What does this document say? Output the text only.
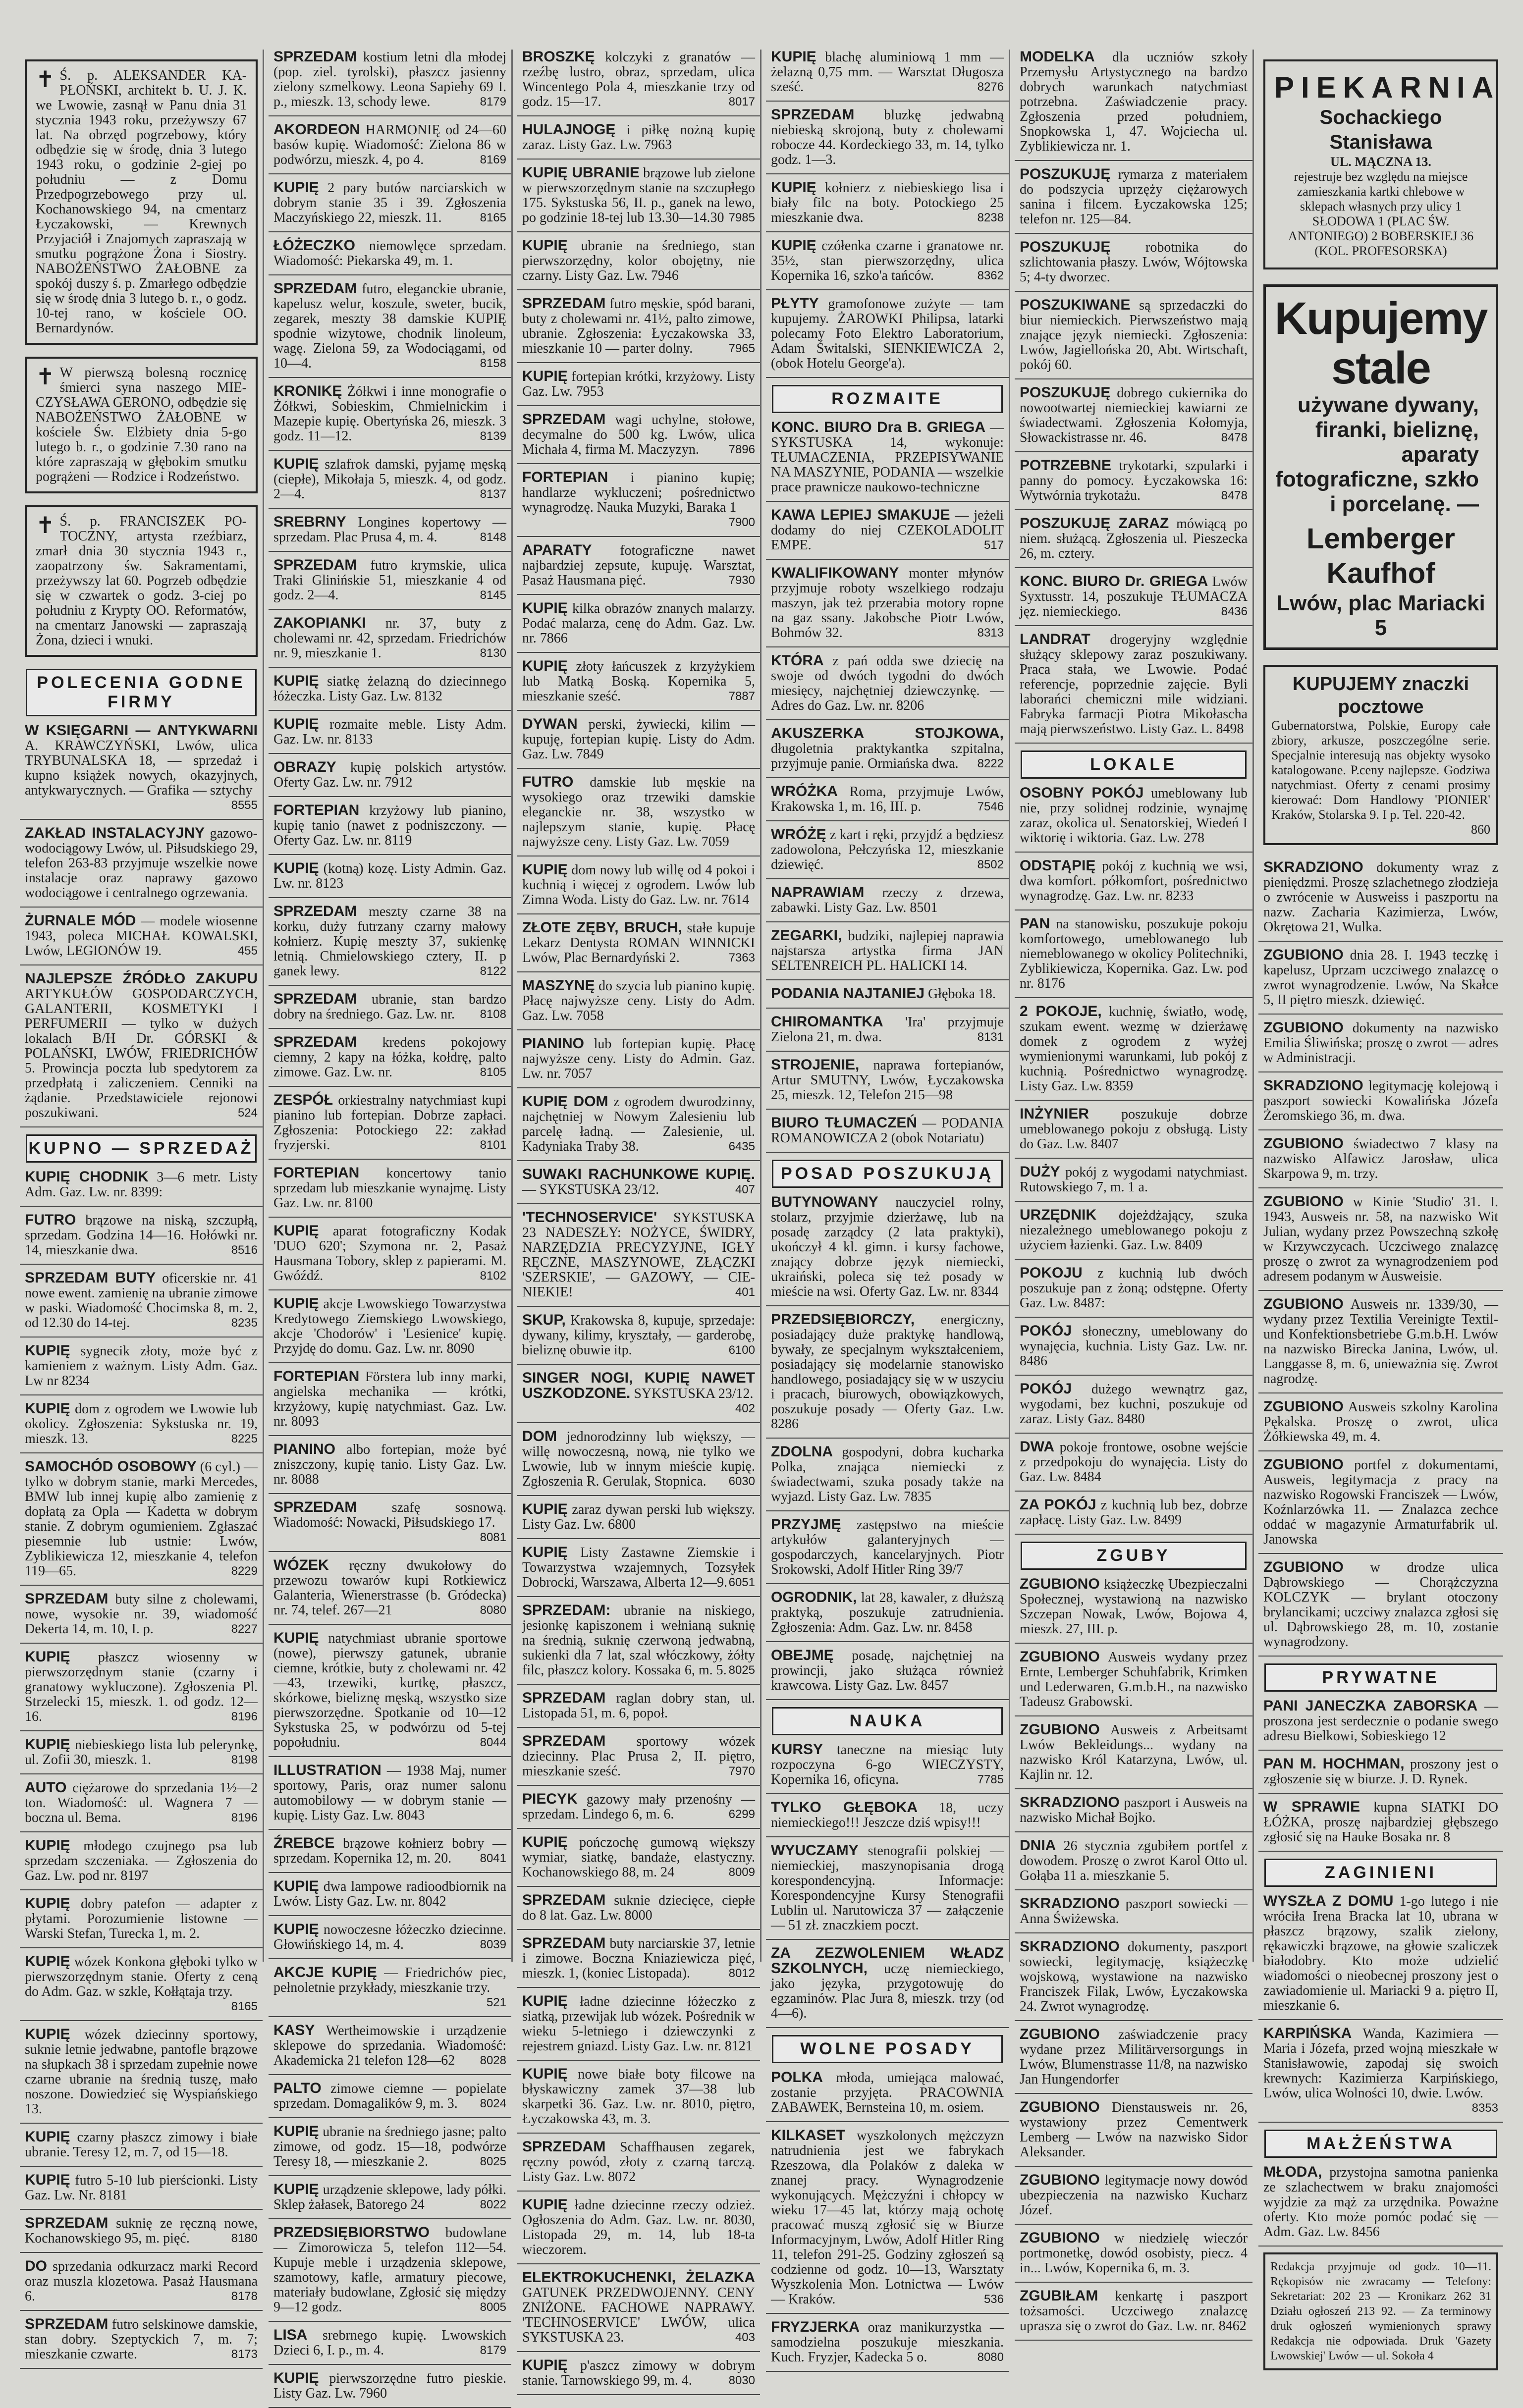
✝ Ś. p. ALEKSANDER KA-PŁOŃSKI, architekt b. U. J. K. we Lwowie, zasnął w Panu dnia 31 stycznia 1943 roku, przeżywszy 67 lat. Na obrzęd pogrzebowy, który odbędzie się w środę, dnia 3 lutego 1943 roku, o godzinie 2-giej po południu — z Domu Przedpogrzebowego przy ul. Kochanowskiego 94, na cmentarz Łyczakowski, — Krewnych Przyjaciół i Znajomych zapraszają w smutku pogrążone Żona i Siostry. NABOŻEŃSTWO ŻAŁOBNE za spokój duszy ś. p. Zmarłego odbędzie się w środę dnia 3 lutego b. r., o godz. 10-tej rano, w kościele OO. Bernardynów.
✝ W pierwszą bolesną rocznicę śmierci syna naszego MIE-CZYSŁAWA GERONO, odbędzie się NABOŻEŃSTWO ŻAŁOBNE w kościele Św. Elżbiety dnia 5-go lutego b. r., o godzinie 7.30 rano na które zapraszają w głębokim smutku pogrążeni — Rodzice i Rodzeństwo.
✝ Ś. p. FRANCISZEK PO-TOCZNY, artysta rzeźbiarz, zmarł dnia 30 stycznia 1943 r., zaopatrzony św. Sakramentami, przeżywszy lat 60. Pogrzeb odbędzie się w czwartek o godz. 3-ciej po południu z Krypty OO. Reformatów, na cmentarz Janowski — zapraszają Żona, dzieci i wnuki.
POLECENIA GODNE FIRMY
W KSIĘGARNI — ANTYKWARNI A. KRAWCZYŃSKI, Lwów, ulica TRYBUNALSKA 18, — sprzedaż i kupno książek nowych, okazyjnych, antykwarycznych. — Grafika — sztychy
8555
ZAKŁAD INSTALACYJNY gazowo-wodociągowy Lwów, ul. Piłsudskiego 29, telefon 263-83 przyjmuje wszelkie nowe instalacje oraz naprawy gazowo wodociągowe i centralnego ogrzewania.
ŻURNALE MÓD — modele wiosenne 1943, poleca MICHAŁ KOWALSKI, Lwów, LEGIONÓW 19.	455
NAJLEPSZE ŹRÓDŁO ZAKUPU ARTYKUŁÓW GOSPODARCZYCH, GALANTERII, KOSMETYKI I PERFUMERII — tylko w dużych lokalach B/H Dr. GÓRSKI & POLAŃSKI, LWÓW, FRIEDRICHÓW 5. Prowincja poczta lub spedytorem za przedpłatą i zaliczeniem. Cenniki na żądanie. Przedstawiciele rejonowi poszukiwani.	524
KUPNO — SPRZEDAŻ
KUPIĘ CHODNIK 3—6 metr. Listy Adm. Gaz. Lw. nr. 8399:
FUTRO brązowe na niską, szczupłą, sprzedam. Godzina 14—16. Hołówki nr. 14, mieszkanie dwa.	8516
SPRZEDAM BUTY oficerskie nr. 41 nowe ewent. zamienię na ubranie zimowe w paski. Wiadomość Chocimska 8, m. 2, od 12.30 do 14-tej.	8235
KUPIĘ sygnecik złoty, może być z kamieniem z ważnym. Listy Adm. Gaz. Lw nr 8234
KUPIĘ dom z ogrodem we Lwowie lub okolicy. Zgłoszenia: Sykstuska nr. 19, mieszk. 13.	8225
SAMOCHÓD OSOBOWY (6 cyl.) — tylko w dobrym stanie, marki Mercedes, BMW lub innej kupię albo zamienię z dopłatą za Opla — Kadetta w dobrym stanie. Z dobrym ogumieniem. Zgłaszać piesemnie lub ustnie: Lwów, Zyblikiewicza 12, mieszkanie 4, telefon 119—65.	8229
SPRZEDAM buty silne z cholewami, nowe, wysokie nr. 39, wiadomość Dekerta 14, m. 10, I. p.	8227
KUPIĘ płaszcz wiosenny w pierwszorzędnym stanie (czarny i granatowy wykluczone). Zgłoszenia Pl. Strzelecki 15, mieszk. 1. od godz. 12—16.	8196
KUPIĘ niebieskiego lista lub pelerynkę, ul. Zofii 30, mieszk. 1.	8198
AUTO ciężarowe do sprzedania 1½—2 ton. Wiadomość: ul. Wagnera 7 — boczna ul. Bema.	8196
KUPIĘ młodego czujnego psa lub sprzedam szczeniaka. — Zgłoszenia do Gaz. Lw. pod nr. 8197
KUPIĘ dobry patefon — adapter z płytami. Porozumienie listowne — Warski Stefan, Turecka 1, m. 2.
KUPIĘ wózek Konkona głęboki tylko w pierwszorzędnym stanie. Oferty z ceną do Adm. Gaz. w szkle, Kołłątaja trzy.
8165
KUPIĘ wózek dziecinny sportowy, suknie letnie jedwabne, pantofle brązowe na słupkach 38 i sprzedam zupełnie nowe czarne ubranie na średnią tuszę, mało noszone. Dowiedzieć się Wyspiańskiego 13.
KUPIĘ czarny płaszcz zimowy i białe ubranie. Teresy 12, m. 7, od 15—18.
KUPIĘ futro 5-10 lub pierścionki. Listy Gaz. Lw. Nr. 8181
SPRZEDAM suknię ze ręczną nowe, Kochanowskiego 95, m. pięć.	8180
DO sprzedania odkurzacz marki Record oraz muszla klozetowa. Pasaż Hausmana 6.	8178
SPRZEDAM futro selskinowe damskie, stan dobry. Szeptyckich 7, m. 7; mieszkanie czwarte.	8173
SPRZEDAM kostium letni dla młodej (pop. ziel. tyrolski), płaszcz jasienny zielony szmelkowy. Leona Sapiehy 69 I. p., mieszk. 13, schody lewe.	8179
AKORDEON HARMONIĘ od 24—60 basów kupię. Wiadomość: Zielona 86 w podwórzu, mieszk. 4, po 4.	8169
KUPIĘ 2 pary butów narciarskich w dobrym stanie 35 i 39. Zgłoszenia Maczyńskiego 22, mieszk. 11.	8165
ŁÓŻECZKO niemowlęce sprzedam. Wiadomość: Piekarska 49, m. 1.
SPRZEDAM futro, eleganckie ubranie, kapelusz welur, koszule, sweter, bucik, zegarek, meszty 38 damskie KUPIĘ spodnie wizytowe, chodnik linoleum, wagę. Zielona 59, za Wodociągami, od 10—4.	8158
KRONIKĘ Żółkwi i inne monografie o Żółkwi, Sobieskim, Chmielnickim i Mazepie kupię. Obertyńska 26, mieszk. 3 godz. 11—12.	8139
KUPIĘ szlafrok damski, pyjamę męską (ciepłe), Mikołaja 5, mieszk. 4, od godz. 2—4.	8137
SREBRNY Longines kopertowy — sprzedam. Plac Prusa 4, m. 4.	8148
SPRZEDAM futro krymskie, ulica Traki Glinińskie 51, mieszkanie 4 od godz. 2—4.	8145
ZAKOPIANKI nr. 37, buty z cholewami nr. 42, sprzedam. Friedrichów nr. 9, mieszkanie 1.	8130
KUPIĘ siatkę żelazną do dziecinnego łóżeczka. Listy Gaz. Lw. 8132
KUPIĘ rozmaite meble. Listy Adm. Gaz. Lw. nr. 8133
OBRAZY kupię polskich artystów. Oferty Gaz. Lw. nr. 7912
FORTEPIAN krzyżowy lub pianino, kupię tanio (nawet z podniszczony. — Oferty Gaz. Lw. nr. 8119
KUPIĘ (kotną) kozę. Listy Admin. Gaz. Lw. nr. 8123
SPRZEDAM meszty czarne 38 na korku, duży futrzany czarny małowy kołnierz. Kupię meszty 37, sukienkę letnią. Chmielowskiego cztery, II. p ganek lewy.	8122
SPRZEDAM ubranie, stan bardzo dobry na średniego. Gaz. Lw. nr. 8108
SPRZEDAM kredens pokojowy ciemny, 2 kapy na łóżka, kołdrę, palto zimowe. Gaz. Lw. nr.	8105
ZESPÓŁ orkiestralny natychmiast kupi pianino lub fortepian. Dobrze zapłaci. Zgłoszenia: Potockiego 22: zakład fryzjerski.	8101
FORTEPIAN koncertowy tanio sprzedam lub mieszkanie wynajmę. Listy Gaz. Lw. nr. 8100
KUPIĘ aparat fotograficzny Kodak 'DUO 620'; Szymona nr. 2, Pasaż Hausmana Tobory, sklep z papierami. M. Gwóźdź.	8102
KUPIĘ akcje Lwowskiego Towarzystwa Kredytowego Ziemskiego Lwowskiego, akcje 'Chodorów' i 'Lesienice' kupię. Przyjdę do domu. Gaz. Lw. nr. 8090
FORTEPIAN Förstera lub inny marki, angielska mechanika — krótki, krzyżowy, kupię natychmiast. Gaz. Lw. nr. 8093
PIANINO albo fortepian, może być zniszczony, kupię tanio. Listy Gaz. Lw. nr. 8088
SPRZEDAM	szafę sosnową. Wiadomość: Nowacki, Piłsudskiego 17.
8081
WÓZEK ręczny dwukołowy do przewozu towarów kupi Rotkiewicz Galanteria, Wienerstrasse (b. Gródecka) nr. 74, telef. 267—21	8080
KUPIĘ natychmiast ubranie sportowe (nowe), pierwszy gatunek, ubranie ciemne, krótkie, buty z cholewami nr. 42—43, trzewiki, kurtkę, płaszcz, skórkowe, bieliznę męską, wszystko size pierwszorzędne. Spotkanie od 10—12 Sykstuska 25, w podwórzu od 5-tej popołudniu.	8044
ILLUSTRATION — 1938 Maj, numer sportowy, Paris, oraz numer salonu automobilowy — w dobrym stanie — kupię. Listy Gaz. Lw. 8043
ŹREBCE brązowe kołnierz bobry — sprzedam. Kopernika 12, m. 20. 8041
KUPIĘ dwa lampowe radioodbiornik na Lwów. Listy Gaz. Lw. nr. 8042
KUPIĘ nowoczesne łóżeczko dziecinne. Głowińskiego 14, m. 4.	8039
AKCJE KUPIĘ — Friedrichów piec, pełnoletnie przykłady, mieszkanie trzy.
521
KASY Wertheimowskie i urządzenie sklepowe do sprzedania. Wiadomość: Akademicka 21 telefon 128—62 8028
PALTO zimowe ciemne — popielate sprzedam. Domagalików 9, m. 3. 8024
KUPIĘ ubranie na średniego jasne; palto zimowe, od godz. 15—18, podwórze Teresy 18, — mieszkanie 2.	8025
KUPIĘ urządzenie sklepowe, lady półki. Sklep żałasek, Batorego 24	8022
PRZEDSIĘBIORSTWO budowlane — Zimorowicza 5, telefon 112—54. Kupuje meble i urządzenia sklepowe, szamotowy, kafle, armatury piecowe, materiały budowlane, Zgłosić się między 9—12 godz.	8005
LISA srebrnego kupię. Lwowskich Dzieci 6, I. p., m. 4.	8179
KUPIĘ pierwszorzędne futro pieskie. Listy Gaz. Lw. 7960
BROSZKĘ kolczyki z granatów — rzeźbę lustro, obraz, sprzedam, ulica Wincentego Pola 4, mieszkanie trzy od godz. 15—17.	8017
HULAJNOGĘ i piłkę nożną kupię zaraz. Listy Gaz. Lw. 7963
KUPIĘ UBRANIE brązowe lub zielone w pierwszorzędnym stanie na szczupłego 175. Sykstuska 56, II. p., ganek na lewo, po godzinie 18-tej lub 13.30—14.30 7985
KUPIĘ ubranie na średniego, stan pierwszorzędny, kolor obojętny, nie czarny. Listy Gaz. Lw. 7946
SPRZEDAM futro męskie, spód barani, buty z cholewami nr. 41½, palto zimowe, ubranie. Zgłoszenia: Łyczakowska 33, mieszkanie 10 — parter dolny.	7965
KUPIĘ fortepian krótki, krzyżowy. Listy Gaz. Lw. 7953
SPRZEDAM wagi uchylne, stołowe, decymalne do 500 kg. Lwów, ulica Michała 4, firma M. Maczyzyn. 7896
FORTEPIAN i pianino kupię; handlarze wykluczeni; pośrednictwo wynagrodzę. Nauka Muzyki, Baraka 1
7900
APARATY fotograficzne nawet najbardziej zepsute, kupuję. Warsztat, Pasaż Hausmana pięć.	7930
KUPIĘ kilka obrazów znanych malarzy. Podać malarza, cenę do Adm. Gaz. Lw. nr. 7866
KUPIĘ złoty łańcuszek z krzyżykiem lub Matką Boską. Kopernika 5, mieszkanie sześć.	7887
DYWAN perski, żywiecki, kilim — kupuję, fortepian kupię. Listy do Adm. Gaz. Lw. 7849
FUTRO damskie lub męskie na wysokiego oraz trzewiki damskie eleganckie nr. 38, wszystko w najlepszym stanie, kupię. Płacę najwyższe ceny. Listy Gaz. Lw. 7059
KUPIĘ dom nowy lub willę od 4 pokoi i kuchnią i więcej z ogrodem. Lwów lub Zimna Woda. Listy do Gaz. Lw. nr. 7614
ZŁOTE ZĘBY, BRUCH, stałe kupuje Lekarz Dentysta ROMAN WINNICKI Lwów, Plac Bernardyński 2.	7363
MASZYNĘ do szycia lub pianino kupię. Płacę najwyższe ceny. Listy do Adm. Gaz. Lw. 7058
PIANINO lub fortepian kupię. Płacę najwyższe ceny. Listy do Admin. Gaz. Lw. nr. 7057
KUPIĘ DOM z ogrodem dwurodzinny, najchętniej w Nowym Zalesieniu lub parcelę ładną. — Zalesienie, ul. Kadyniaka Traby 38.	6435
SUWAKI RACHUNKOWE KUPIĘ. — SYKSTUSKA 23/12.	407
'TECHNOSERVICE' SYKSTUSKA 23 NADESZŁY: NOŻYCE, ŚWIDRY, NARZĘDZIA PRECYZYJNE, IGŁY RĘCZNE, MASZYNOWE, ZŁĄCZKI 'SZERSKIE', — GAZOWY, — CIE-NIEKIE!	401
SKUP, Krakowska 8, kupuje, sprzedaje: dywany, kilimy, kryształy, — garderobę, bieliznę obuwie itp.	6100
SINGER NOGI, KUPIĘ NAWET USZKODZONE. SYKSTUSKA 23/12.
402
DOM jednorodzinny lub większy, — willę nowoczesną, nową, nie tylko we Lwowie, lub w innym mieście kupię. Zgłoszenia R. Gerulak, Stopnica. 6030
KUPIĘ zaraz dywan perski lub większy. Listy Gaz. Lw. 6800
KUPIĘ Listy Zastawne Ziemskie i Towarzystwa wzajemnych, Tozsyłek Dobrocki, Warszawa, Alberta 12—9. 6051
SPRZEDAM: ubranie na niskiego, jesionkę kapiszonem i wełnianą suknię na średnią, suknię czerwoną jedwabną, sukienki dla 7 lat, szal włóczkowy, żółty filc, płaszcz kolory. Kossaka 6, m. 5. 8025
SPRZEDAM raglan dobry stan, ul. Listopada 51, m. 6, popoł.
SPRZEDAM sportowy wózek dziecinny. Plac Prusa 2, II. piętro, mieszkanie sześć.	7970
PIECYK gazowy mały przenośny — sprzedam. Lindego 6, m. 6.	6299
KUPIĘ pończochę gumową większy wymiar, siatkę, bandaże, elastyczny. Kochanowskiego 88, m. 24	8009
SPRZEDAM suknie dziecięce, ciepłe do 8 lat. Gaz. Lw. 8000
SPRZEDAM buty narciarskie 37, letnie i zimowe. Boczna Kniaziewicza pięć, mieszk. 1, (koniec Listopada).	8012
KUPIĘ ładne dziecinne łóżeczko z siatką, przewijak lub wózek. Pośrednik w wieku 5-letniego i dziewczynki z rejestrem gniazd. Listy Gaz. Lw. nr. 8121
KUPIĘ nowe białe boty filcowe na błyskawiczny zamek 37—38 lub skarpetki 36. Gaz. Lw. nr. 8010, piętro, Łyczakowska 43, m. 3.
SPRZEDAM Schaffhausen zegarek, ręczny powód, złoty z czarną tarczą. Listy Gaz. Lw. 8072
KUPIĘ ładne dziecinne rzeczy odzież. Ogłoszenia do Adm. Gaz. Lw. nr. 8030, Listopada 29, m. 14, lub 18-ta wieczorem.
ELEKTROKUCHENKI, ŻELAZKA GATUNEK PRZEDWOJENNY. CENY ZNIŻONE. FACHOWE NAPRAWY. 'TECHNOSERVICE' LWÓW, ulica SYKSTUSKA 23.	403
KUPIĘ p'aszcz zimowy w dobrym stanie. Tarnowskiego 99, m. 4.	8030
KUPIĘ blachę aluminiową 1 mm — żelazną 0,75 mm. — Warsztat Długosza sześć.	8276
SPRZEDAM bluzkę jedwabną niebieską skrojoną, buty z cholewami robocze 44. Kordeckiego 33, m. 14, tylko godz. 1—3.
KUPIĘ kołnierz z niebieskiego lisa i biały filc na boty. Potockiego 25 mieszkanie dwa.	8238
KUPIĘ czółenka czarne i granatowe nr. 35½, stan pierwszorzędny, ulica Kopernika 16, szko'a tańców.	8362
PŁYTY gramofonowe zużyte — tam kupujemy. ŻAROWKI Philipsa, latarki polecamy Foto Elektro Laboratorium, Adam Świtalski, SIENKIEWICZA 2, (obok Hotelu George'a).
ROZMAITE
KONC. BIURO Dra B. GRIEGA — SYKSTUSKA 14, wykonuje: TŁUMACZENIA, PRZEPISYWANIE NA MASZYNIE, PODANIA — wszelkie prace prawnicze naukowo-techniczne
KAWA LEPIEJ SMAKUJE — jeżeli dodamy do niej CZEKOLADOLIT EMPE.	517
KWALIFIKOWANY monter młynów przyjmuje roboty wszelkiego rodzaju maszyn, jak też przerabia motory ropne na gaz ssany. Jakobsche Piotr Lwów, Bohmów 32.	8313
KTÓRA z pań odda swe dziecię na swoje od dwóch tygodni do dwóch miesięcy, najchętniej dziewczynkę. — Adres do Gaz. Lw. nr. 8206
AKUSZERKA STOJKOWA, długoletnia praktykantka szpitalna, przyjmuje panie. Ormiańska dwa. 8222
WRÓŻKA Roma, przyjmuje Lwów, Krakowska 1, m. 16, III. p.	7546
WRÓŻĘ z kart i ręki, przyjdź a będziesz zadowolona, Pełczyńska 12, mieszkanie dziewięć.	8502
NAPRAWIAM rzeczy z drzewa, zabawki. Listy Gaz. Lw. 8501
ZEGARKI, budziki, najlepiej naprawia najstarsza artystka firma JAN SELTENREICH PL. HALICKI 14.
PODANIA NAJTANIEJ Głęboka 18.
CHIROMANTKA 'Ira' przyjmuje Zielona 21, m. dwa.	8131
STROJENIE, naprawa fortepianów, Artur SMUTNY, Lwów, Łyczakowska 25, mieszk. 12, Telefon 215—98
BIURO TŁUMACZEŃ — PODANIA ROMANOWICZA 2 (obok Notariatu)
POSAD POSZUKUJĄ
BUTYNOWANY nauczyciel rolny, stolarz, przyjmie dzierżawę, lub na posadę zarządcy (2 lata praktyki), ukończył 4 kl. gimn. i kursy fachowe, znający dobrze język niemiecki, ukraiński, poleca się też posady w mieście na wsi. Oferty Gaz. Lw. nr. 8344
PRZEDSIĘBIORCZY, energiczny, posiadający duże praktykę handlową, bywały, ze specjalnym wykształceniem, posiadający się modelarnie stanowisko handlowego, posiadający się w w uszyciu i pracach, biurowych, obowiązkowych, poszukuje posady — Oferty Gaz. Lw. 8286
ZDOLNA gospodyni, dobra kucharka Polka, znająca niemiecki z świadectwami, szuka posady także na wyjazd. Listy Gaz. Lw. 7835
PRZYJMĘ zastępstwo na mieście artykułów galanteryjnych — gospodarczych, kancelaryjnych. Piotr Srokowski, Adolf Hitler Ring 39/7
OGRODNIK, lat 28, kawaler, z dłuższą praktyką, poszukuje zatrudnienia. Zgłoszenia: Adm. Gaz. Lw. nr. 8458
OBEJMĘ posadę, najchętniej na prowincji, jako służąca również krawcowa. Listy Gaz. Lw. 8457
NAUKA
KURSY taneczne na miesiąc luty rozpoczyna 6-go WIECZYSTY, Kopernika 16, oficyna.	7785
TYLKO GŁĘBOKA 18, uczy niemieckiego!!! Jeszcze dziś wpisy!!!
WYUCZAMY stenografii polskiej — niemieckiej, maszynopisania drogą korespondencyjną. Informacje: Korespondencyjne Kursy Stenografii Lublin ul. Narutowicza 37 — załączenie — 51 zł. znaczkiem poczt.
ZA ZEZWOLENIEM WŁADZ SZKOLNYCH, uczę niemieckiego, jako języka, przygotowuję do egzaminów. Plac Jura 8, mieszk. trzy (od 4—6).
WOLNE POSADY
POLKA młoda, umiejąca malować, zostanie przyjęta. PRACOWNIA ZABAWEK, Bernsteina 10, m. osiem.
KILKASET wyszkolonych mężczyzn natrudnienia jest we fabrykach Rzeszowa, dla Polaków z daleka w znanej pracy. Wynagrodzenie wykonujących. Mężczyźni i chłopcy w wieku 17—45 lat, którzy mają ochotę pracować muszą zgłosić się w Biurze Informacyjnym, Lwów, Adolf Hitler Ring 11, telefon 291-25. Godziny zgłoszeń są codzienne od godz. 10—13, Warsztaty Wyszkolenia Mon. Lotnictwa — Lwów — Kraków.	536
FRYZJERKA oraz manikurzystka — samodzielna poszukuje mieszkania. Kuch. Fryzjer, Kadecka 5 o.	8080
MODELKA dla uczniów szkoły Przemysłu Artystycznego na bardzo dobrych warunkach natychmiast potrzebna. Zaświadczenie pracy. Zgłoszenia przed południem, Snopkowska 1, 47. Wojciecha ul. Zyblikiewicza nr. 1.
POSZUKUJĘ rymarza z materiałem do podszycia uprzęży ciężarowych sanina i filcem. Łyczakowska 125; telefon nr. 125—84.
POSZUKUJĘ	robotnika do szlichtowania płaszy. Lwów, Wójtowska 5; 4-ty dworzec.
POSZUKIWANE są sprzedaczki do biur niemieckich. Pierwszeństwo mają znające język niemiecki. Zgłoszenia: Lwów, Jagiellońska 20, Abt. Wirtschaft, pokój 60.
POSZUKUJĘ dobrego cukiernika do nowootwartej niemieckiej kawiarni ze świadectwami. Zgłoszenia Kołomyja, Słowackistrasse nr. 46.	8478
POTRZEBNE trykotarki, szpularki i panny do pomocy. Łyczakowska 16: Wytwórnia trykotażu.	8478
POSZUKUJĘ ZARAZ mówiącą po niem. służącą. Zgłoszenia ul. Pieszecka 26, m. cztery.
KONC. BIURO Dr. GRIEGA Lwów Syxtusstr. 14, poszukuje TŁUMACZA jęz. niemieckiego.	8436
LANDRAT drogeryjny względnie służący sklepowy zaraz poszukiwany. Praca stała, we Lwowie. Podać referencje, poprzednie zajęcie. Byli laborańci chemiczni mile widziani. Fabryka farmacji Piotra Mikołascha mają pierwszeństwo. Listy Gaz. L. 8498
LOKALE
OSOBNY POKÓJ umeblowany lub nie, przy solidnej rodzinie, wynajmę zaraz, okolica ul. Senatorskiej, Wiedeń I wiktorię i wiktoria. Gaz. Lw. 278
ODSTĄPIĘ pokój z kuchnią we wsi, dwa komfort. półkomfort, pośrednictwo wynagrodzę. Gaz. Lw. nr. 8233
PAN na stanowisku, poszukuje pokoju komfortowego, umeblowanego lub niemeblowanego w okolicy Politechniki, Zyblikiewicza, Kopernika. Gaz. Lw. pod nr. 8176
2 POKOJE, kuchnię, światło, wodę, szukam ewent. wezmę w dzierżawę domek z ogrodem z wyżej wymienionymi warunkami, lub pokój z kuchnią. Pośrednictwo wynagrodzę. Listy Gaz. Lw. 8359
INŻYNIER poszukuje dobrze umeblowanego pokoju z obsługą. Listy do Gaz. Lw. 8407
DUŻY pokój z wygodami natychmiast. Rutowskiego 7, m. 1 a.
URZĘDNIK dojeżdżający, szuka niezależnego umeblowanego pokoju z użyciem łazienki. Gaz. Lw. 8409
POKOJU z kuchnią lub dwóch poszukuje pan z żoną; odstępne. Oferty Gaz. Lw. 8487:
POKÓJ słoneczny, umeblowany do wynajęcia, kuchnia. Listy Gaz. Lw. nr. 8486
POKÓJ dużego wewnątrz gaz, wygodami, bez kuchni, poszukuje od zaraz. Listy Gaz. 8480
DWA pokoje frontowe, osobne wejście z przedpokoju do wynajęcia. Listy do Gaz. Lw. 8484
ZA POKÓJ z kuchnią lub bez, dobrze zapłacę. Listy Gaz. Lw. 8499
ZGUBY
ZGUBIONO książeczkę Ubezpieczalni Społecznej, wystawioną na nazwisko Szczepan Nowak, Lwów, Bojowa 4, mieszk. 27, III. p.
ZGUBIONO Ausweis wydany przez Ernte, Lemberger Schuhfabrik, Krimken und Lederwaren, G.m.b.H., na nazwisko Tadeusz Grabowski.
ZGUBIONO Ausweis z Arbeitsamt Lwów Bekleidungs... wydany na nazwisko Król Katarzyna, Lwów, ul. Kajlin nr. 12.
SKRADZIONO paszport i Ausweis na nazwisko Michał Bojko.
DNIA 26 stycznia zgubiłem portfel z dowodem. Proszę o zwrot Karol Otto ul. Gołąba 11 a. mieszkanie 5.
SKRADZIONO paszport sowiecki — Anna Świżewska.
SKRADZIONO dokumenty, paszport sowiecki, legitymację, książeczkę wojskową, wystawione na nazwisko Franciszek Filak, Lwów, Łyczakowska 24. Zwrot wynagrodzę.
ZGUBIONO zaświadczenie pracy wydane przez Militärversorgungs in Lwów, Blumenstrasse 11/8, na nazwisko Jan Hungendorfer
ZGUBIONO Dienstausweis nr. 26, wystawiony przez Cementwerk Lemberg — Lwów na nazwisko Sidor Aleksander.
ZGUBIONO legitymacje nowy dowód ubezpieczenia na nazwisko Kucharz Józef.
ZGUBIONO w niedzielę wieczór portmonetkę, dowód osobisty, piecz. 4 in... Lwów, Kopernika 6, m. 3.
ZGUBIŁAM kenkartę i paszport tożsamości. Uczciwego znalazcę uprasza się o zwrot do Gaz. Lw. nr. 8462
PIEKARNIA
Sochackiego Stanisława
UL. MĄCZNA 13.
rejestruje bez względu na miejsce zamieszkania kartki chlebowe w sklepach własnych przy ulicy 1 SŁODOWA 1 (PLAC ŚW. ANTONIEGO) 2 BOBERSKIEJ 36 (KOL. PROFESORSKA)
Kupujemy stale
używane dywany,
firanki, bieliznę,
aparaty fotograficzne, szkło i porcelanę. —
Lemberger Kaufhof
Lwów, plac Mariacki 5
KUPUJEMY znaczki pocztowe
Gubernatorstwa, Polskie, Europy całe zbiory, arkusze, poszczególne serie. Specjalnie interesują nas objekty wysoko katalogowane. P.ceny najlepsze. Godziwa natychmiast. Oferty z cenami prosimy kierować: Dom Handlowy 'PIONIER' Kraków, Stolarska 9. I p. Tel. 220-42.
860
SKRADZIONO dokumenty wraz z pieniędzmi. Proszę szlachetnego złodzieja o zwrócenie w Ausweiss i paszportu na nazw. Zacharia Kazimierza, Lwów, Okrętowa 21, Wulka.
ZGUBIONO dnia 28. I. 1943 teczkę i kapelusz, Uprzam uczciwego znalazcę o zwrot wynagrodzenie. Lwów, Na Skałce 5, II piętro mieszk. dziewięć.
ZGUBIONO dokumenty na nazwisko Emilia Śliwińska; proszę o zwrot — adres w Administracji.
SKRADZIONO legitymację kolejową i paszport sowiecki Kowalińska Józefa Żeromskiego 36, m. dwa.
ZGUBIONO świadectwo 7 klasy na nazwisko Alfawicz Jarosław, ulica Skarpowa 9, m. trzy.
ZGUBIONO w Kinie 'Studio' 31. I. 1943, Ausweis nr. 58, na nazwisko Wit Julian, wydany przez Powszechną szkołę w Krzywczycach. Uczciwego znalazcę proszę o zwrot za wynagrodzeniem pod adresem podanym w Ausweisie.
ZGUBIONO Ausweis nr. 1339/30, — wydany przez Textilia Vereinigte Textil- und Konfektionsbetriebe G.m.b.H. Lwów na nazwisko Birecka Janina, Lwów, ul. Langgasse 8, m. 6, unieważnia się. Zwrot nagrodzę.
ZGUBIONO Ausweis szkolny Karolina Pękalska. Proszę o zwrot, ulica Żółkiewska 49, m. 4.
ZGUBIONO portfel z dokumentami, Ausweis, legitymacja z pracy na nazwisko Rogowski Franciszek — Lwów, Koźnlarzówka 11. — Znalazca zechce oddać w magazynie Armaturfabrik ul. Janowska
ZGUBIONO w drodze ulica Dąbrowskiego — Chorążczyzna KOLCZYK — brylant otoczony brylancikami; uczciwy znalazca zgłosi się ul. Dąbrowskiego 28, m. 10, zostanie wynagrodzony.
PRYWATNE
PANI JANECZKA ZABORSKA — proszona jest serdecznie o podanie swego adresu Bielkowi, Sobieskiego 12
PAN M. HOCHMAN, proszony jest o zgłoszenie się w biurze. J. D. Rynek.
W SPRAWIE kupna SIATKI DO ŁÓŻKA, proszę najbardziej głębszego zgłosić się na Hauke Bosaka nr. 8
ZAGINIENI
WYSZŁA Z DOMU 1-go lutego i nie wróciła Irena Bracka lat 10, ubrana w płaszcz brązowy, szalik zielony, rękawiczki brązowe, na głowie szaliczek białodobry. Kto może udzielić wiadomości o nieobecnej proszony jest o zawiadomienie ul. Mariacki 9 a. piętro II, mieszkanie 6.
KARPIŃSKA Wanda, Kazimiera — Maria i Józefa, przed wojną mieszkałe w Stanisławowie, zapodaj się swoich krewnych: Kazimierza Karpińskiego, Lwów, ulica Wolności 10, dwie. Lwów.
8353
MAŁŻEŃSTWA
MŁODA, przystojna samotna panienka ze szlachectwem w braku znajomości wyjdzie za mąż za urzędnika. Poważne oferty. Kto może pomóc podać się — Adm. Gaz. Lw. 8456
Redakcja przyjmuje od godz. 10—11. Rękopisów nie zwracamy — Telefony: Sekretariat: 202 23 — Kronikarz 262 31 Działu ogłoszeń 213 92. — Za terminowy druk ogłoszeń wymienionych sprawy Redakcja nie odpowiada. Druk 'Gazety Lwowskiej' Lwów — ul. Sokoła 4
